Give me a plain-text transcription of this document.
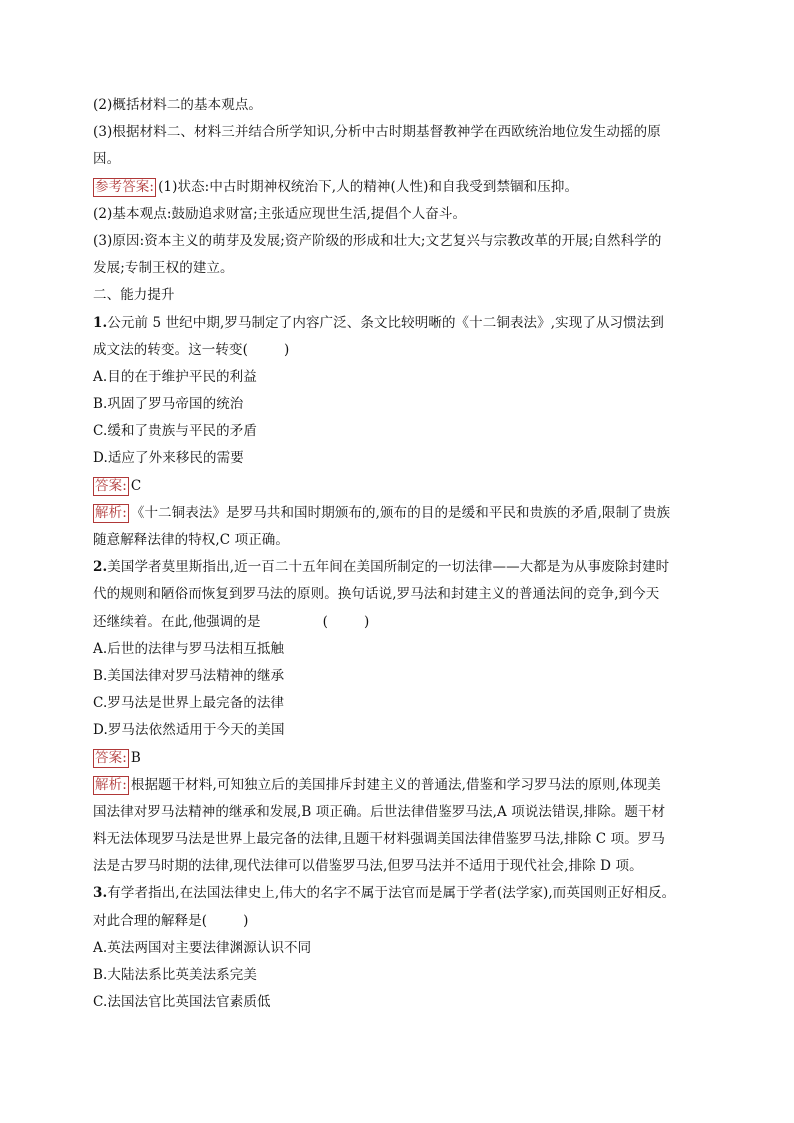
(2)概括材料二的基本观点。
(3)根据材料二、材料三并结合所学知识,分析中古时期基督教神学在西欧统治地位发生动摇的原
因。
参考答案: (1)状态:中古时期神权统治下,人的精神(人性)和自我受到禁锢和压抑。
(2)基本观点:鼓励追求财富;主张适应现世生活,提倡个人奋斗。
(3)原因:资本主义的萌芽及发展;资产阶级的形成和壮大;文艺复兴与宗教改革的开展;自然科学的
发展;专制王权的建立。
二、能力提升
1.公元前 5 世纪中期,罗马制定了内容广泛、条文比较明晰的《十二铜表法》,实现了从习惯法到
成文法的转变。这一转变(	)
A.目的在于维护平民的利益
B.巩固了罗马帝国的统治
C.缓和了贵族与平民的矛盾
D.适应了外来移民的需要
答案: C
解析: 《十二铜表法》是罗马共和国时期颁布的,颁布的目的是缓和平民和贵族的矛盾,限制了贵族
随意解释法律的特权,C 项正确。
2.美国学者莫里斯指出,近一百二十五年间在美国所制定的一切法律——大都是为从事废除封建时
代的规则和陋俗而恢复到罗马法的原则。换句话说,罗马法和封建主义的普通法间的竞争,到今天
还继续着。在此,他强调的是	(	)
A.后世的法律与罗马法相互抵触
B.美国法律对罗马法精神的继承
C.罗马法是世界上最完备的法律
D.罗马法依然适用于今天的美国
答案: B
解析: 根据题干材料,可知独立后的美国排斥封建主义的普通法,借鉴和学习罗马法的原则,体现美
国法律对罗马法精神的继承和发展,B 项正确。后世法律借鉴罗马法,A 项说法错误,排除。题干材
料无法体现罗马法是世界上最完备的法律,且题干材料强调美国法律借鉴罗马法,排除 C 项。罗马
法是古罗马时期的法律,现代法律可以借鉴罗马法,但罗马法并不适用于现代社会,排除 D 项。
3.有学者指出,在法国法律史上,伟大的名字不属于法官而是属于学者(法学家),而英国则正好相反。
对此合理的解释是(	)
A.英法两国对主要法律渊源认识不同
B.大陆法系比英美法系完美
C.法国法官比英国法官素质低
